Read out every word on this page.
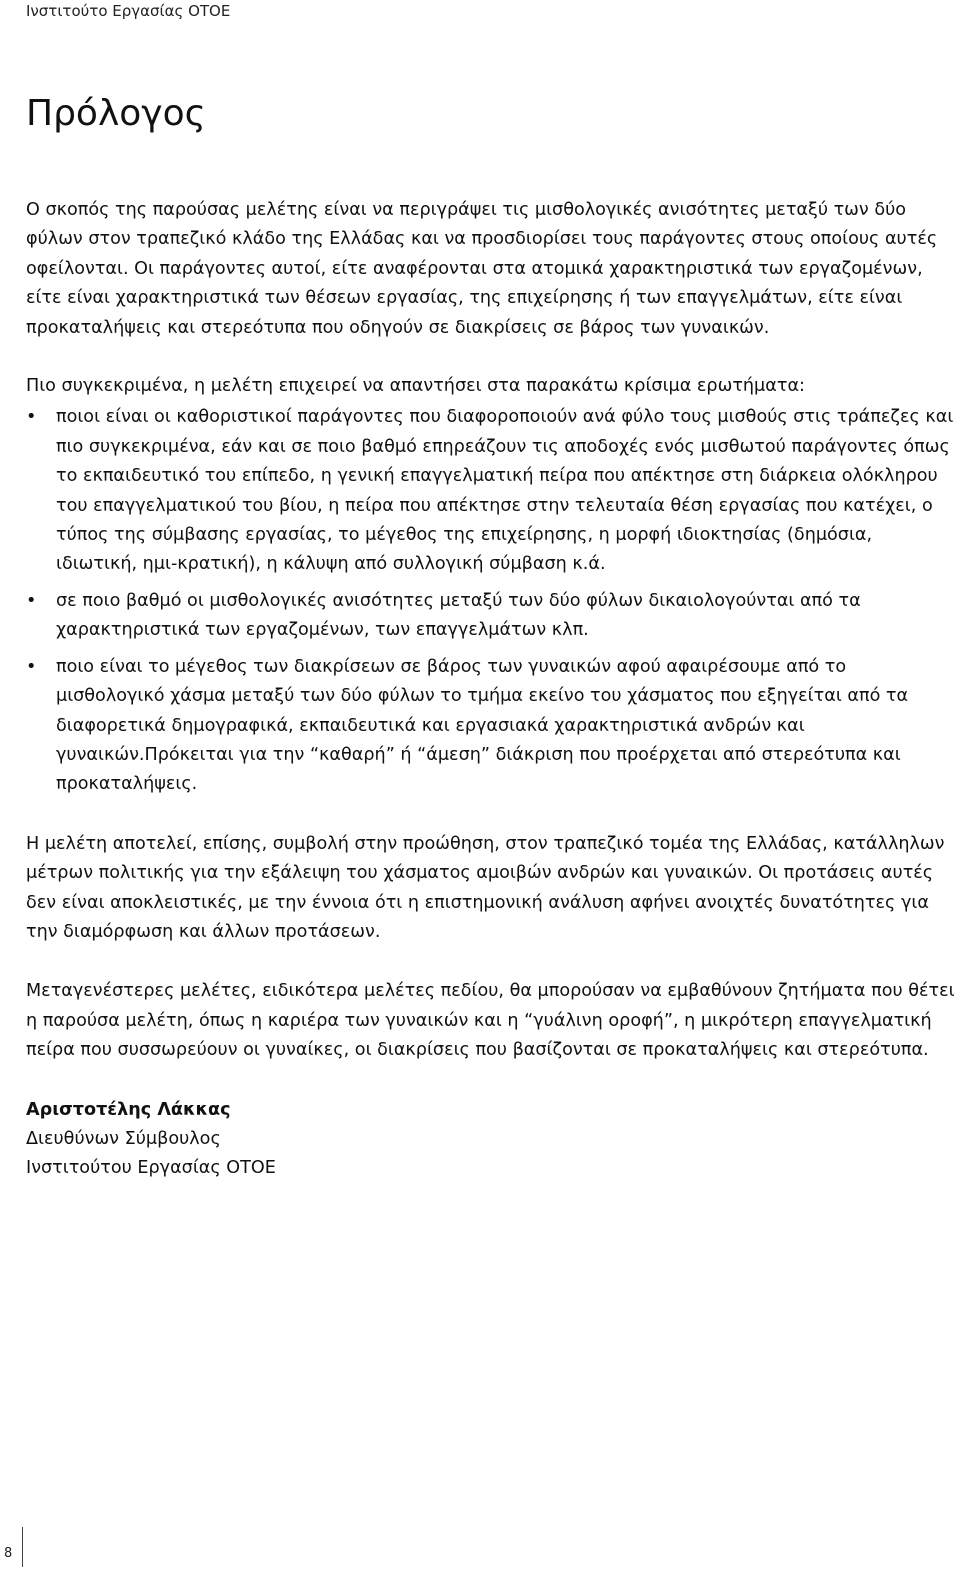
Ινστιτούτο Εργασίας ΟΤΟΕ
Πρόλογος

Ο σκοπός της παρούσας μελέτης είναι να περιγράψει τις μισθολογικές ανισότητες μεταξύ των δύο φύλων στον τραπεζικό κλάδο της Ελλάδας και να προσδιορίσει τους παράγοντες στους οποίους αυτές οφείλονται. Οι παράγοντες αυτοί, είτε αναφέρονται στα ατομικά χαρακτηριστικά των εργαζομένων, είτε είναι χαρακτηριστικά των θέσεων εργασίας, της επιχείρησης ή των επαγγελμάτων, είτε είναι προκαταλήψεις και στερεότυπα που οδηγούν σε διακρίσεις σε βάρος των γυναικών.

Πιο συγκεκριμένα, η μελέτη επιχειρεί να απαντήσει στα παρακάτω κρίσιμα ερωτήματα:

• ποιοι είναι οι καθοριστικοί παράγοντες που διαφοροποιούν ανά φύλο τους μισθούς στις τράπεζες και πιο συγκεκριμένα, εάν και σε ποιο βαθμό επηρεάζουν τις αποδοχές ενός μισθωτού παράγοντες όπως το εκπαιδευτικό του επίπεδο, η γενική επαγγελματική πείρα που απέκτησε στη διάρκεια ολόκληρου του επαγγελματικού του βίου, η πείρα που απέκτησε στην τελευταία θέση εργασίας που κατέχει, ο τύπος της σύμβασης εργασίας, το μέγεθος της επιχείρησης, η μορφή ιδιοκτησίας (δημόσια, ιδιωτική, ημι-κρατική), η κάλυψη από συλλογική σύμβαση κ.ά.
• σε ποιο βαθμό οι μισθολογικές ανισότητες μεταξύ των δύο φύλων δικαιολογούνται από τα χαρακτηριστικά των εργαζομένων, των επαγγελμάτων κλπ.
• ποιο είναι το μέγεθος των διακρίσεων σε βάρος των γυναικών αφού αφαιρέσουμε από το μισθολογικό χάσμα μεταξύ των δύο φύλων το τμήμα εκείνο του χάσματος που εξηγείται από τα διαφορετικά δημογραφικά, εκπαιδευτικά και εργασιακά χαρακτηριστικά ανδρών και γυναικών.Πρόκειται για την “καθαρή” ή “άμεση” διάκριση που προέρχεται από στερεότυπα και προκαταλήψεις.

Η μελέτη αποτελεί, επίσης, συμβολή στην προώθηση, στον τραπεζικό τομέα της Ελλάδας, κατάλληλων μέτρων πολιτικής για την εξάλειψη του χάσματος αμοιβών ανδρών και γυναικών. Οι προτάσεις αυτές δεν είναι αποκλειστικές, με την έννοια ότι η επιστημονική ανάλυση αφήνει ανοιχτές δυνατότητες για την διαμόρφωση και άλλων προτάσεων.

Μεταγενέστερες μελέτες, ειδικότερα μελέτες πεδίου, θα μπορούσαν να εμβαθύνουν ζητήματα που θέτει η παρούσα μελέτη, όπως η καριέρα των γυναικών και η “γυάλινη οροφή”, η μικρότερη επαγγελματική πείρα που συσσωρεύουν οι γυναίκες, οι διακρίσεις που βασίζονται σε προκαταλήψεις και στερεότυπα.

Αριστοτέλης Λάκκας
Διευθύνων Σύμβουλος
Ινστιτούτου Εργασίας ΟΤΟΕ
8
